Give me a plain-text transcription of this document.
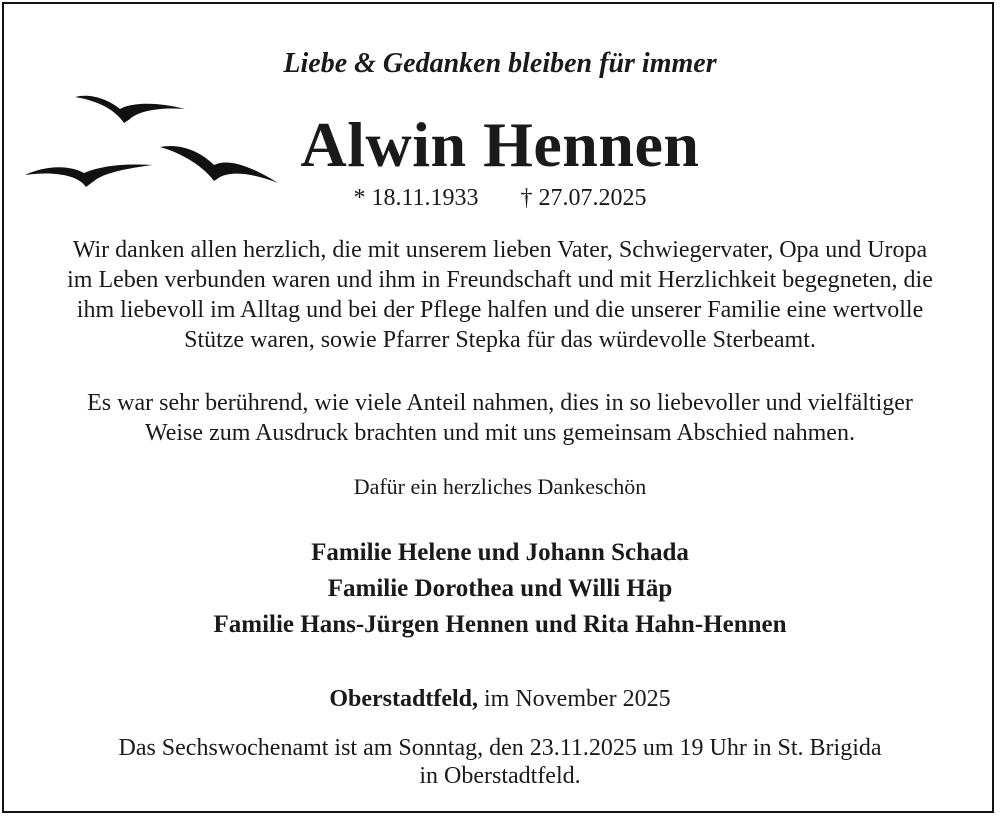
Liebe & Gedanken bleiben für immer
Alwin Hennen
* 18.11.1933 † 27.07.2025
Wir danken allen herzlich, die mit unserem lieben Vater, Schwiegervater, Opa und Uropa
im Leben verbunden waren und ihm in Freundschaft und mit Herzlichkeit begegneten, die
ihm liebevoll im Alltag und bei der Pflege halfen und die unserer Familie eine wertvolle
Stütze waren, sowie Pfarrer Stepka für das würdevolle Sterbeamt.
Es war sehr berührend, wie viele Anteil nahmen, dies in so liebevoller und vielfältiger
Weise zum Ausdruck brachten und mit uns gemeinsam Abschied nahmen.
Dafür ein herzliches Dankeschön
Familie Helene und Johann Schada
Familie Dorothea und Willi Häp
Familie Hans-Jürgen Hennen und Rita Hahn-Hennen
Oberstadtfeld, im November 2025
Das Sechswochenamt ist am Sonntag, den 23.11.2025 um 19 Uhr in St. Brigida
in Oberstadtfeld.
